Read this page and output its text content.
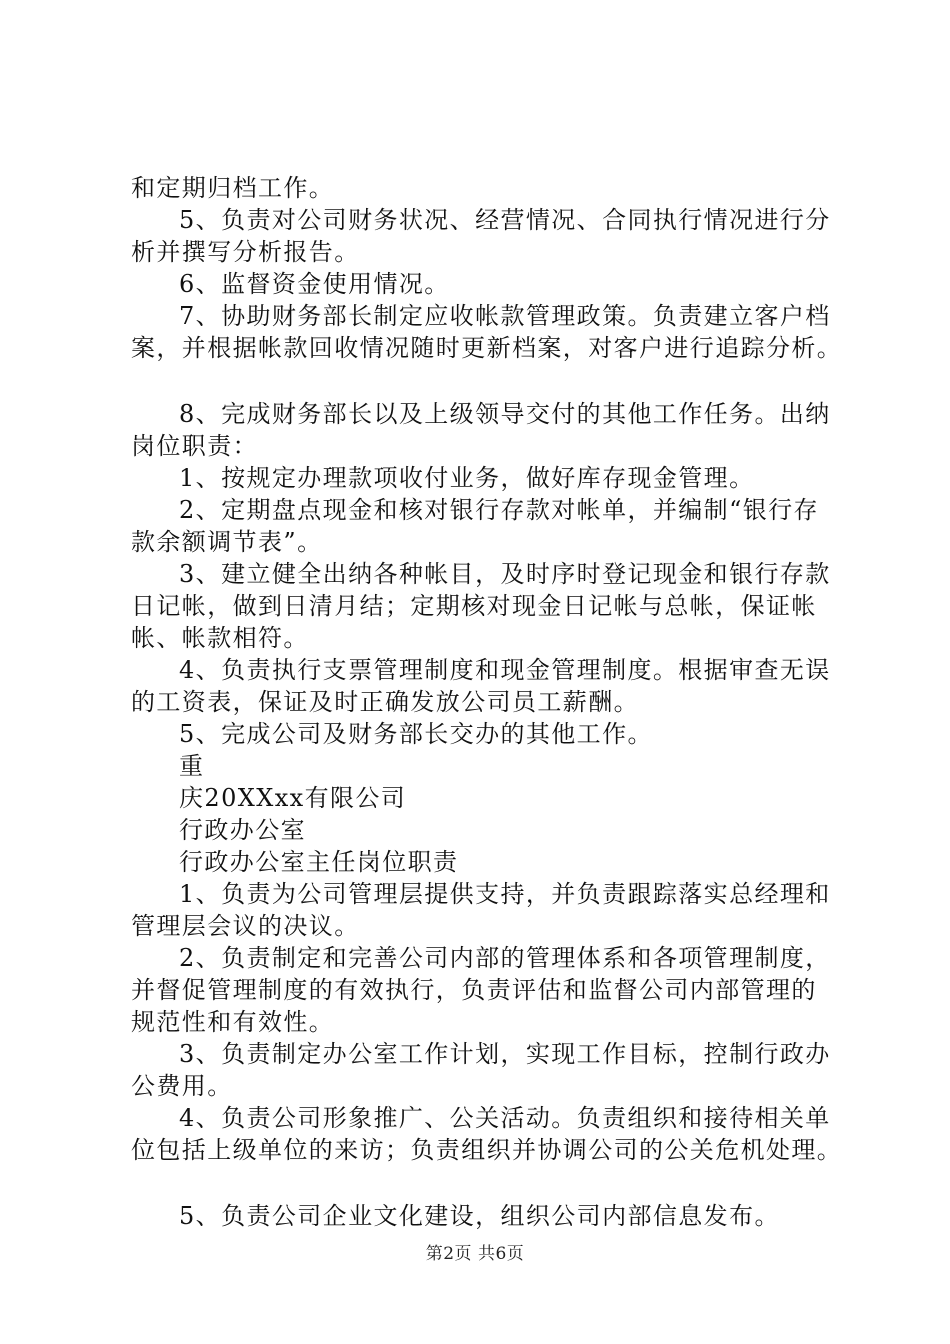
和定期归档工作。
5、负责对公司财务状况、经营情况、合同执行情况进行分
析并撰写分析报告。
6、监督资金使用情况。
7、协助财务部长制定应收帐款管理政策。负责建立客户档
案，并根据帐款回收情况随时更新档案，对客户进行追踪分析。
8、完成财务部长以及上级领导交付的其他工作任务。出纳
岗位职责：
1、按规定办理款项收付业务，做好库存现金管理。
2、定期盘点现金和核对银行存款对帐单，并编制“银行存
款余额调节表”。
3、建立健全出纳各种帐目，及时序时登记现金和银行存款
日记帐，做到日清月结；定期核对现金日记帐与总帐，保证帐
帐、帐款相符。
4、负责执行支票管理制度和现金管理制度。根据审查无误
的工资表，保证及时正确发放公司员工薪酬。
5、完成公司及财务部长交办的其他工作。
重
庆20XXxx有限公司
行政办公室
行政办公室主任岗位职责
1、负责为公司管理层提供支持，并负责跟踪落实总经理和
管理层会议的决议。
2、负责制定和完善公司内部的管理体系和各项管理制度，
并督促管理制度的有效执行，负责评估和监督公司内部管理的
规范性和有效性。
3、负责制定办公室工作计划，实现工作目标，控制行政办
公费用。
4、负责公司形象推广、公关活动。负责组织和接待相关单
位包括上级单位的来访；负责组织并协调公司的公关危机处理。
5、负责公司企业文化建设，组织公司内部信息发布。
第2页 共6页
